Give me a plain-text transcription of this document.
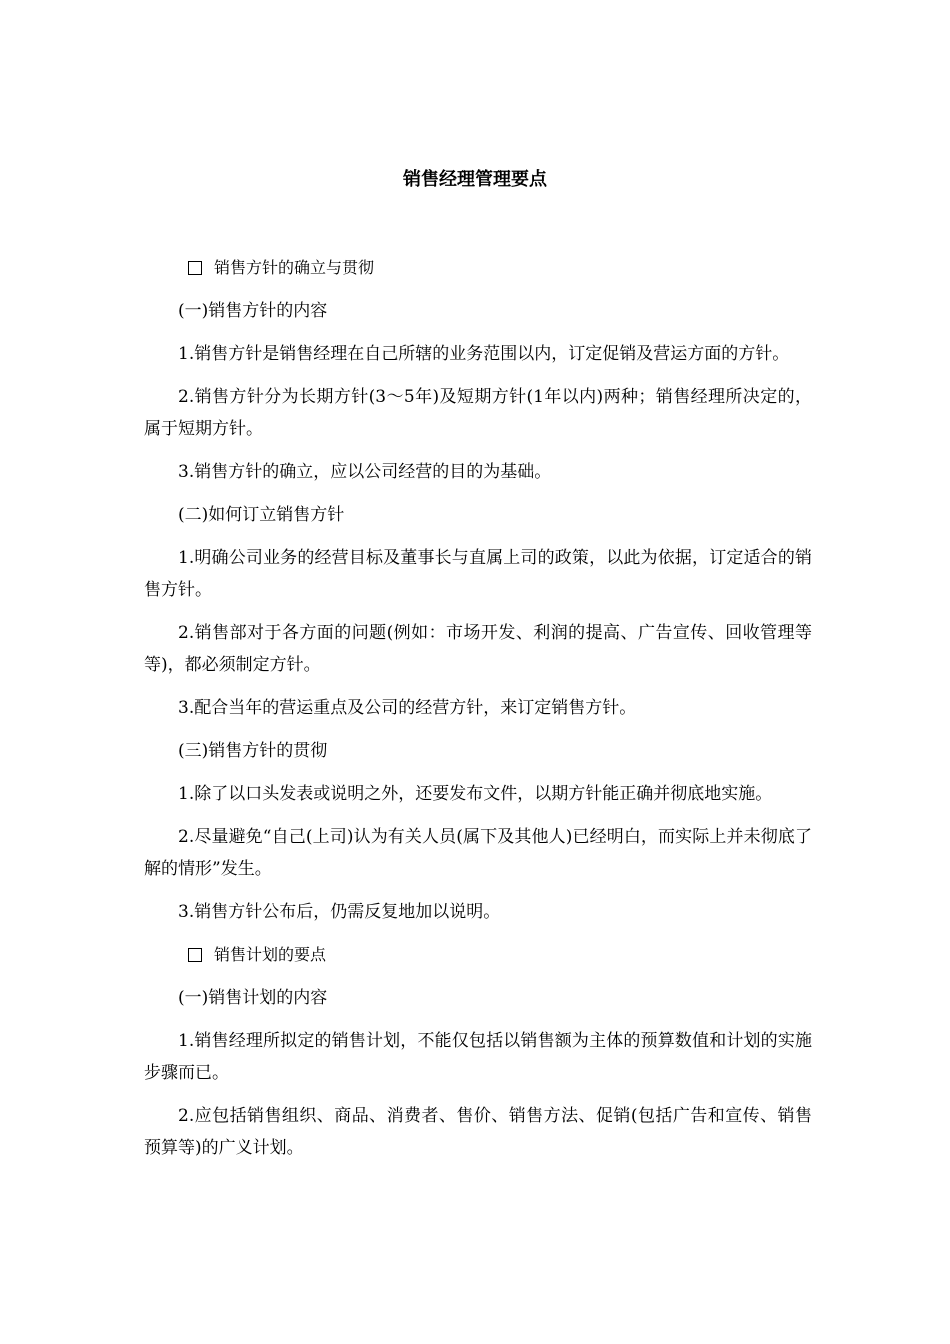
销售经理管理要点
销售方针的确立与贯彻

(一)销售方针的内容

1.销售方针是销售经理在自己所辖的业务范围以内，订定促销及营运方面的方针。

2.销售方针分为长期方针(3～5年)及短期方针(1年以内)两种；销售经理所决定的，属于短期方针。

3.销售方针的确立，应以公司经营的目的为基础。

(二)如何订立销售方针

1.明确公司业务的经营目标及董事长与直属上司的政策，以此为依据，订定适合的销售方针。

2.销售部对于各方面的问题(例如：市场开发、利润的提高、广告宣传、回收管理等等)，都必须制定方针。

3.配合当年的营运重点及公司的经营方针，来订定销售方针。

(三)销售方针的贯彻

1.除了以口头发表或说明之外，还要发布文件，以期方针能正确并彻底地实施。

2.尽量避免“自己(上司)认为有关人员(属下及其他人)已经明白，而实际上并未彻底了解的情形”发生。

3.销售方针公布后，仍需反复地加以说明。

销售计划的要点

(一)销售计划的内容

1.销售经理所拟定的销售计划，不能仅包括以销售额为主体的预算数值和计划的实施步骤而已。

2.应包括销售组织、商品、消费者、售价、销售方法、促销(包括广告和宣传、销售预算等)的广义计划。
